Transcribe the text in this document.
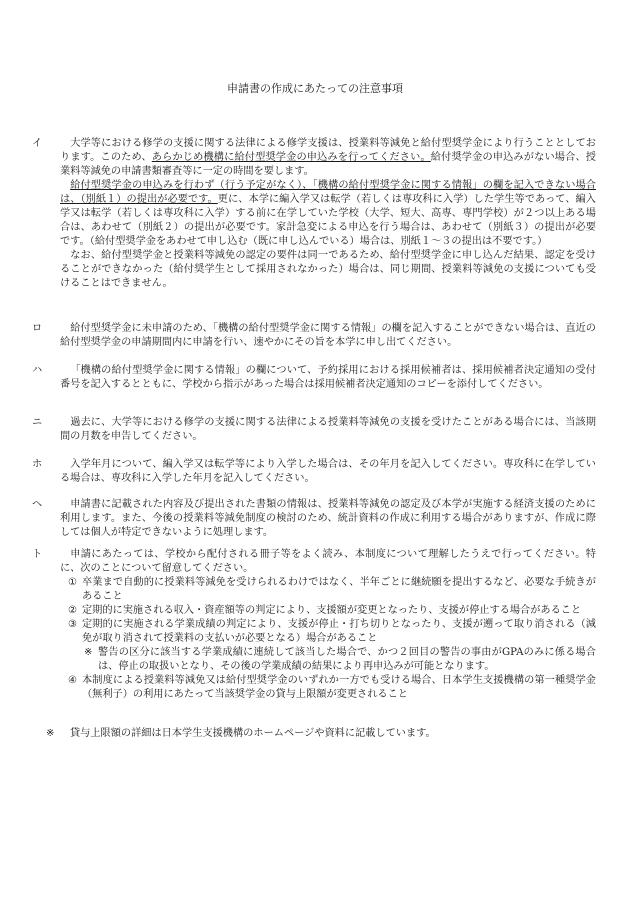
申請書の作成にあたっての注意事項
イ	大学等における修学の支援に関する法律による修学支援は、授業料等減免と給付型奨学金により行うこととしております。このため、あらかじめ機構に給付型奨学金の申込みを行ってください。給付奨学金の申込みがない場合、授業料等減免の申請書類審査等に一定の時間を要します。

給付型奨学金の申込みを行わず（行う予定がなく）、「機構の給付型奨学金に関する情報」の欄を記入できない場合は、（別紙１）の提出が必要です。更に、本学に編入学又は転学（若しくは専攻科に入学）した学生等であって、編入学又は転学（若しくは専攻科に入学）する前に在学していた学校（大学、短大、高専、専門学校）が２つ以上ある場合は、あわせて（別紙２）の提出が必要です。家計急変による申込を行う場合は、あわせて（別紙３）の提出が必要です。（給付型奨学金をあわせて申し込む（既に申し込んでいる）場合は、別紙１〜３の提出は不要です。）

なお、給付型奨学金と授業料等減免の認定の要件は同一であるため、給付型奨学金に申し込んだ結果、認定を受けることができなかった（給付奨学生として採用されなかった）場合は、同じ期間、授業料等減免の支援についても受けることはできません。

ロ	給付型奨学金に未申請のため、「機構の給付型奨学金に関する情報」の欄を記入することができない場合は、直近の給付型奨学金の申請期間内に申請を行い、速やかにその旨を本学に申し出てください。

ハ	「機構の給付型奨学金に関する情報」の欄について、予約採用における採用候補者は、採用候補者決定通知の受付番号を記入するとともに、学校から指示があった場合は採用候補者決定通知のコピーを添付してください。

ニ	過去に、大学等における修学の支援に関する法律による授業料等減免の支援を受けたことがある場合には、当該期間の月数を申告してください。

ホ	入学年月について、編入学又は転学等により入学した場合は、その年月を記入してください。専攻科に在学している場合は、専攻科に入学した年月を記入してください。

ヘ	申請書に記載された内容及び提出された書類の情報は、授業料等減免の認定及び本学が実施する経済支援のために利用します。また、今後の授業料等減免制度の検討のため、統計資料の作成に利用する場合がありますが、作成に際しては個人が特定できないように処理します。

ト	申請にあたっては、学校から配付される冊子等をよく読み、本制度について理解したうえで行ってください。特に、次のことについて留意してください。

① 卒業まで自動的に授業料等減免を受けられるわけではなく、半年ごとに継続願を提出するなど、必要な手続きがあること
② 定期的に実施される収入・資産額等の判定により、支援額が変更となったり、支援が停止する場合があること
③ 定期的に実施される学業成績の判定により、支援が停止・打ち切りとなったり、支援が遡って取り消される（減免が取り消されて授業料の支払いが必要となる）場合があること
※ 警告の区分に該当する学業成績に連続して該当した場合で、かつ２回目の警告の事由がGPAのみに係る場合は、停止の取扱いとなり、その後の学業成績の結果により再申込みが可能となります。
④ 本制度による授業料等減免又は給付型奨学金のいずれか一方でも受ける場合、日本学生支援機構の第一種奨学金（無利子）の利用にあたって当該奨学金の貸与上限額が変更されること
※ 貸与上限額の詳細は日本学生支援機構のホームページや資料に記載しています。
